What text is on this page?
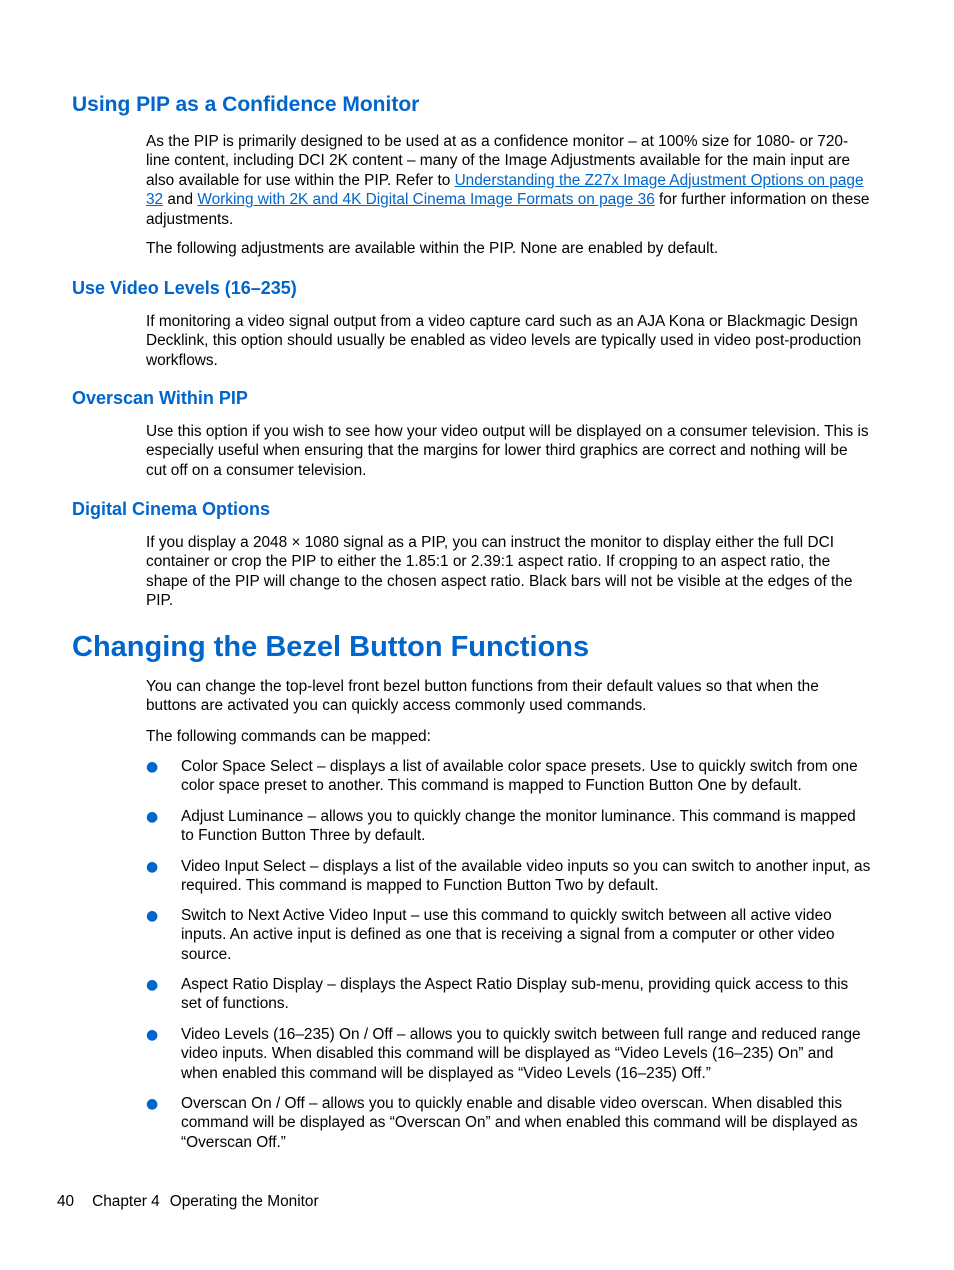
Using PIP as a Confidence Monitor

As the PIP is primarily designed to be used at as a confidence monitor – at 100% size for 1080- or 720-line content, including DCI 2K content – many of the Image Adjustments available for the main input are also available for use within the PIP. Refer to Understanding the Z27x Image Adjustment Options on page 32 and Working with 2K and 4K Digital Cinema Image Formats on page 36 for further information on these adjustments.

The following adjustments are available within the PIP. None are enabled by default.

Use Video Levels (16–235)

If monitoring a video signal output from a video capture card such as an AJA Kona or Blackmagic Design Decklink, this option should usually be enabled as video levels are typically used in video post-production workflows.

Overscan Within PIP

Use this option if you wish to see how your video output will be displayed on a consumer television. This is especially useful when ensuring that the margins for lower third graphics are correct and nothing will be cut off on a consumer television.

Digital Cinema Options

If you display a 2048 × 1080 signal as a PIP, you can instruct the monitor to display either the full DCI container or crop the PIP to either the 1.85:1 or 2.39:1 aspect ratio. If cropping to an aspect ratio, the shape of the PIP will change to the chosen aspect ratio. Black bars will not be visible at the edges of the PIP.

Changing the Bezel Button Functions

You can change the top-level front bezel button functions from their default values so that when the buttons are activated you can quickly access commonly used commands.

The following commands can be mapped:

● Color Space Select – displays a list of available color space presets. Use to quickly switch from one color space preset to another. This command is mapped to Function Button One by default.

● Adjust Luminance – allows you to quickly change the monitor luminance. This command is mapped to Function Button Three by default.

● Video Input Select – displays a list of the available video inputs so you can switch to another input, as required. This command is mapped to Function Button Two by default.

● Switch to Next Active Video Input – use this command to quickly switch between all active video inputs. An active input is defined as one that is receiving a signal from a computer or other video source.

● Aspect Ratio Display – displays the Aspect Ratio Display sub-menu, providing quick access to this set of functions.

● Video Levels (16–235) On / Off – allows you to quickly switch between full range and reduced range video inputs. When disabled this command will be displayed as “Video Levels (16–235) On” and when enabled this command will be displayed as “Video Levels (16–235) Off.”

● Overscan On / Off – allows you to quickly enable and disable video overscan. When disabled this command will be displayed as “Overscan On” and when enabled this command will be displayed as “Overscan Off.”

40 Chapter 4 Operating the Monitor
